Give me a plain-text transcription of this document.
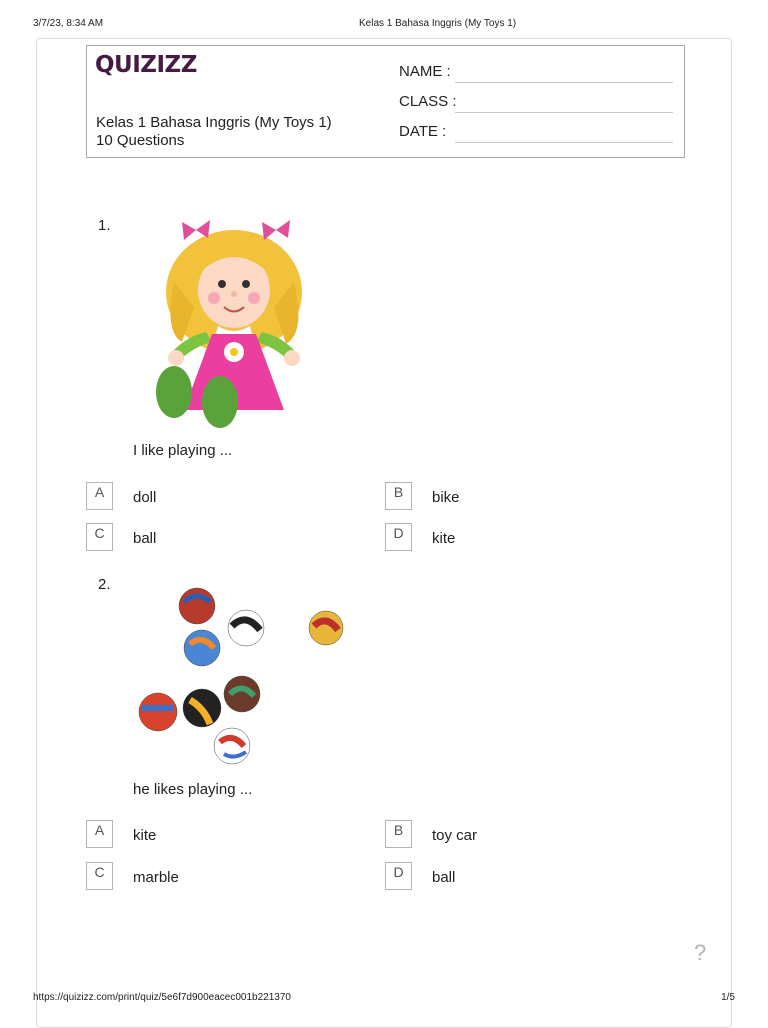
3/7/23, 8:34 AM	Kelas 1 Bahasa Inggris (My Toys 1)
QUIZIZZ
Kelas 1 Bahasa Inggris (My Toys 1)
10 Questions
NAME :
CLASS :
DATE :
1.
I like playing ...
A	doll	B	bike
C	ball	D	kite
2.
he likes playing ...
A	kite	B	toy car
C	marble	D	ball
?
https://quizizz.com/print/quiz/5e6f7d900eacec001b221370	1/5
